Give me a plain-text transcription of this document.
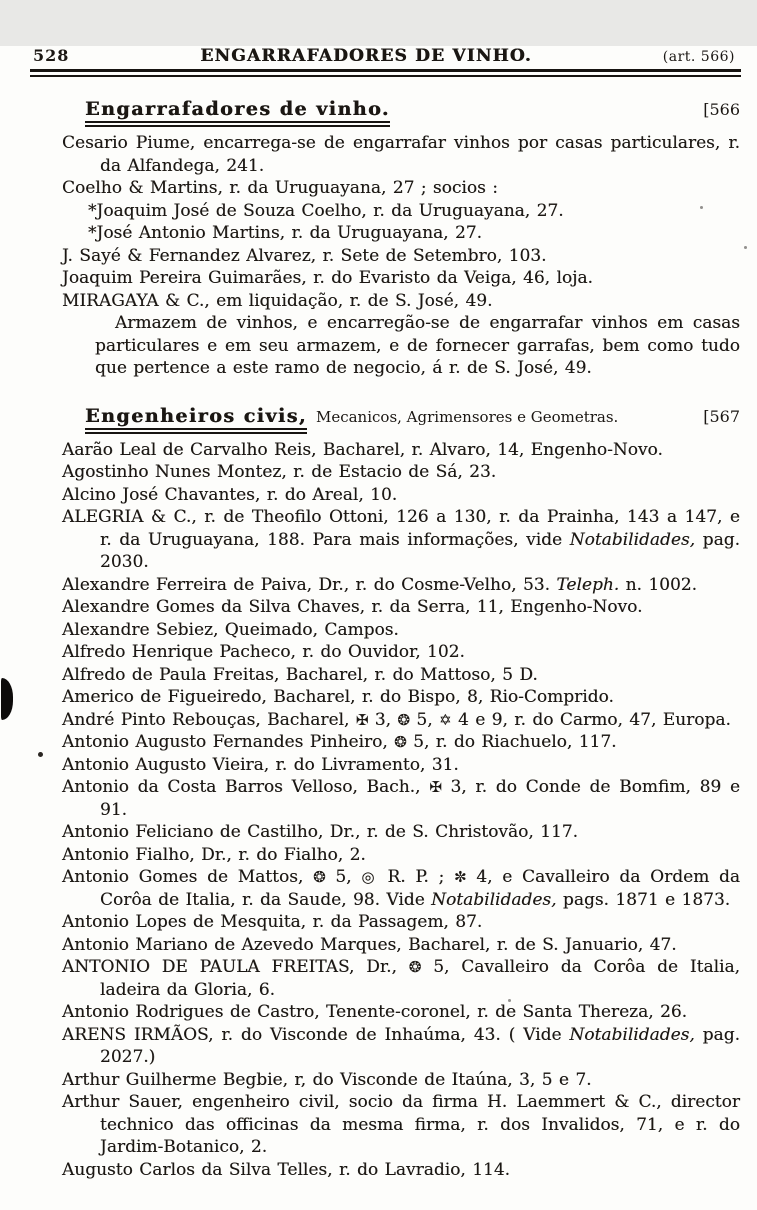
528	ENGARRAFADORES DE VINHO.	(art. 566)
Engarrafadores de vinho.	[566

Cesario Piume, encarrega-se de engarrafar vinhos por casas particulares, r. da Alfandega, 241.

Coelho & Martins, r. da Uruguayana, 27 ; socios :

*Joaquim José de Souza Coelho, r. da Uruguayana, 27.

*José Antonio Martins, r. da Uruguayana, 27.

J. Sayé & Fernandez Alvarez, r. Sete de Setembro, 103.

Joaquim Pereira Guimarães, r. do Evaristo da Veiga, 46, loja.

MIRAGAYA & C., em liquidação, r. de S. José, 49.

Armazem de vinhos, e encarregão-se de engarrafar vinhos em casas particulares e em seu armazem, e de fornecer garrafas, bem como tudo que pertence a este ramo de negocio, á r. de S. José, 49.

Engenheiros civis, Mecanicos, Agrimensores e Geometras.	[567

Aarão Leal de Carvalho Reis, Bacharel, r. Alvaro, 14, Engenho-Novo.

Agostinho Nunes Montez, r. de Estacio de Sá, 23.

Alcino José Chavantes, r. do Areal, 10.

ALEGRIA & C., r. de Theofilo Ottoni, 126 a 130, r. da Prainha, 143 a 147, e r. da Uruguayana, 188. Para mais informações, vide Notabilidades, pag. 2030.

Alexandre Ferreira de Paiva, Dr., r. do Cosme-Velho, 53. Teleph. n. 1002.

Alexandre Gomes da Silva Chaves, r. da Serra, 11, Engenho-Novo.

Alexandre Sebiez, Queimado, Campos.

Alfredo Henrique Pacheco, r. do Ouvidor, 102.

Alfredo de Paula Freitas, Bacharel, r. do Mattoso, 5 D.

Americo de Figueiredo, Bacharel, r. do Bispo, 8, Rio-Comprido.

André Pinto Rebouças, Bacharel, ✠ 3, ❂ 5, ✡ 4 e 9, r. do Carmo, 47, Europa.

Antonio Augusto Fernandes Pinheiro, ❂ 5, r. do Riachuelo, 117.

Antonio Augusto Vieira, r. do Livramento, 31.

Antonio da Costa Barros Velloso, Bach., ✠ 3, r. do Conde de Bomfim, 89 e 91.

Antonio Feliciano de Castilho, Dr., r. de S. Christovão, 117.

Antonio Fialho, Dr., r. do Fialho, 2.

Antonio Gomes de Mattos, ❂ 5, ◎ R. P. ; ✼ 4, e Cavalleiro da Ordem da Corôa de Italia, r. da Saude, 98. Vide Notabilidades, pags. 1871 e 1873.

Antonio Lopes de Mesquita, r. da Passagem, 87.

Antonio Mariano de Azevedo Marques, Bacharel, r. de S. Januario, 47.

ANTONIO DE PAULA FREITAS, Dr., ❂ 5, Cavalleiro da Corôa de Italia, ladeira da Gloria, 6.

Antonio Rodrigues de Castro, Tenente-coronel, r. de Santa Thereza, 26.

ARENS IRMÃOS, r. do Visconde de Inhaúma, 43. ( Vide Notabilidades, pag. 2027.)

Arthur Guilherme Begbie, r, do Visconde de Itaúna, 3, 5 e 7.

Arthur Sauer, engenheiro civil, socio da firma H. Laemmert & C., director technico das officinas da mesma firma, r. dos Invalidos, 71, e r. do Jardim-Botanico, 2.

Augusto Carlos da Silva Telles, r. do Lavradio, 114.
